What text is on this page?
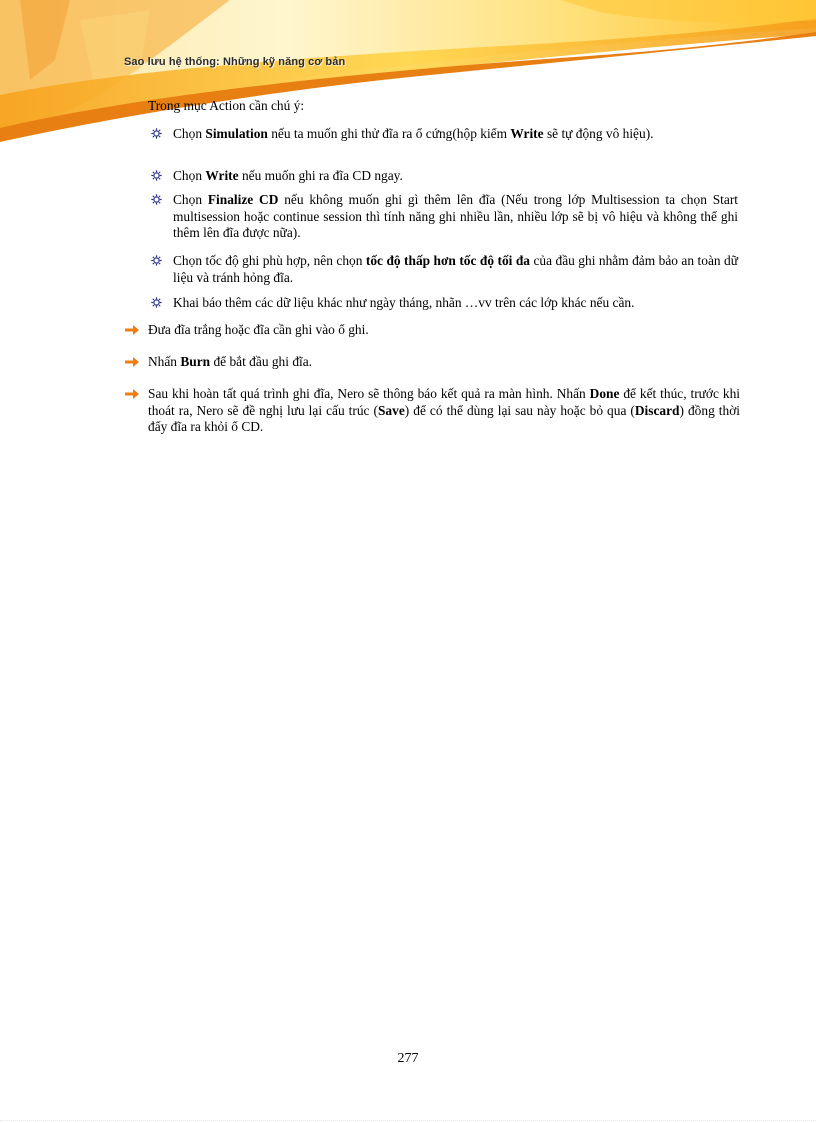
Sao lưu hệ thống: Những kỹ năng cơ bản
Trong mục Action cần chú ý:
Chọn Simulation nếu ta muốn ghi thử đĩa ra ổ cứng(hộp kiểm Write sẽ tự động vô hiệu).
Chọn Write nếu muốn ghi ra đĩa CD ngay.
Chọn Finalize CD nếu không muốn ghi gì thêm lên đĩa (Nếu trong lớp Multisession ta chọn Start multisession hoặc continue session thì tính năng ghi nhiều lần, nhiều lớp sẽ bị vô hiệu và không thể ghi thêm lên đĩa được nữa).
Chọn tốc độ ghi phù hợp, nên chọn tốc độ thấp hơn tốc độ tối đa của đầu ghi nhằm đảm bảo an toàn dữ liệu và tránh hỏng đĩa.
Khai báo thêm các dữ liệu khác như ngày tháng, nhãn …vv trên các lớp khác nếu cần.
Đưa đĩa trắng hoặc đĩa cần ghi vào ổ ghi.
Nhấn Burn để bắt đầu ghi đĩa.
Sau khi hoàn tất quá trình ghi đĩa, Nero sẽ thông báo kết quả ra màn hình. Nhấn Done để kết thúc, trước khi thoát ra, Nero sẽ đề nghị lưu lại cấu trúc (Save) để có thể dùng lại sau này hoặc bỏ qua (Discard) đồng thời đẩy đĩa ra khỏi ổ CD.
277
